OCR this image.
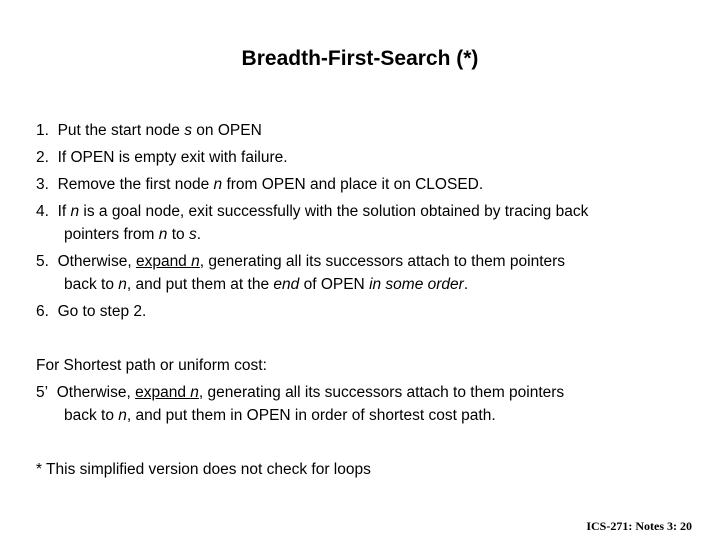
Breadth-First-Search (*)
1. Put the start node s on OPEN
2. If OPEN is empty exit with failure.
3. Remove the first node n from OPEN and place it on CLOSED.
4. If n is a goal node, exit successfully with the solution obtained by tracing back
pointers from n to s.
5. Otherwise, expand n, generating all its successors attach to them pointers
back to n, and put them at the end of OPEN in some order.
6. Go to step 2.
For Shortest path or uniform cost:
5’ Otherwise, expand n, generating all its successors attach to them pointers
back to n, and put them in OPEN in order of shortest cost path.
* This simplified version does not check for loops
ICS-271: Notes 3: 20
